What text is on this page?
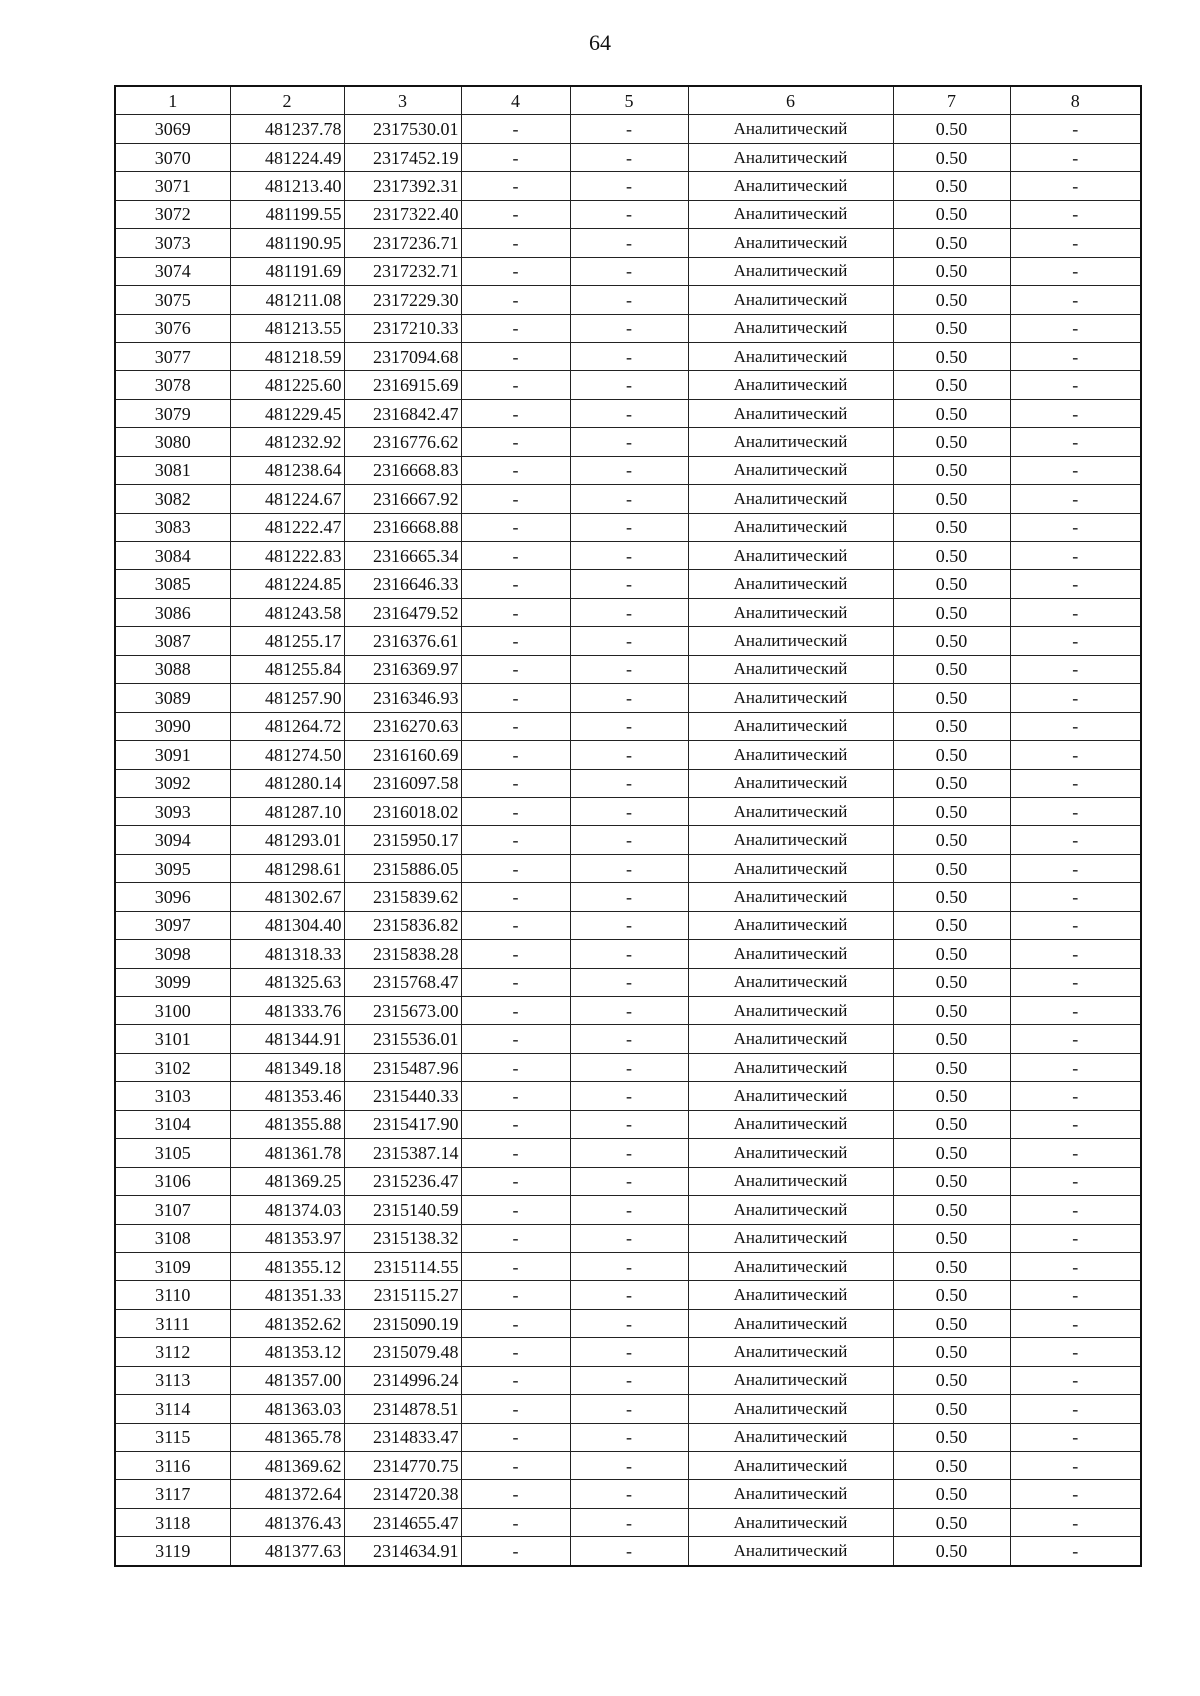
64
1	2	3	4	5	6	7	8
3069	481237.78	2317530.01	-	-	Аналитический	0.50	-
3070	481224.49	2317452.19	-	-	Аналитический	0.50	-
3071	481213.40	2317392.31	-	-	Аналитический	0.50	-
3072	481199.55	2317322.40	-	-	Аналитический	0.50	-
3073	481190.95	2317236.71	-	-	Аналитический	0.50	-
3074	481191.69	2317232.71	-	-	Аналитический	0.50	-
3075	481211.08	2317229.30	-	-	Аналитический	0.50	-
3076	481213.55	2317210.33	-	-	Аналитический	0.50	-
3077	481218.59	2317094.68	-	-	Аналитический	0.50	-
3078	481225.60	2316915.69	-	-	Аналитический	0.50	-
3079	481229.45	2316842.47	-	-	Аналитический	0.50	-
3080	481232.92	2316776.62	-	-	Аналитический	0.50	-
3081	481238.64	2316668.83	-	-	Аналитический	0.50	-
3082	481224.67	2316667.92	-	-	Аналитический	0.50	-
3083	481222.47	2316668.88	-	-	Аналитический	0.50	-
3084	481222.83	2316665.34	-	-	Аналитический	0.50	-
3085	481224.85	2316646.33	-	-	Аналитический	0.50	-
3086	481243.58	2316479.52	-	-	Аналитический	0.50	-
3087	481255.17	2316376.61	-	-	Аналитический	0.50	-
3088	481255.84	2316369.97	-	-	Аналитический	0.50	-
3089	481257.90	2316346.93	-	-	Аналитический	0.50	-
3090	481264.72	2316270.63	-	-	Аналитический	0.50	-
3091	481274.50	2316160.69	-	-	Аналитический	0.50	-
3092	481280.14	2316097.58	-	-	Аналитический	0.50	-
3093	481287.10	2316018.02	-	-	Аналитический	0.50	-
3094	481293.01	2315950.17	-	-	Аналитический	0.50	-
3095	481298.61	2315886.05	-	-	Аналитический	0.50	-
3096	481302.67	2315839.62	-	-	Аналитический	0.50	-
3097	481304.40	2315836.82	-	-	Аналитический	0.50	-
3098	481318.33	2315838.28	-	-	Аналитический	0.50	-
3099	481325.63	2315768.47	-	-	Аналитический	0.50	-
3100	481333.76	2315673.00	-	-	Аналитический	0.50	-
3101	481344.91	2315536.01	-	-	Аналитический	0.50	-
3102	481349.18	2315487.96	-	-	Аналитический	0.50	-
3103	481353.46	2315440.33	-	-	Аналитический	0.50	-
3104	481355.88	2315417.90	-	-	Аналитический	0.50	-
3105	481361.78	2315387.14	-	-	Аналитический	0.50	-
3106	481369.25	2315236.47	-	-	Аналитический	0.50	-
3107	481374.03	2315140.59	-	-	Аналитический	0.50	-
3108	481353.97	2315138.32	-	-	Аналитический	0.50	-
3109	481355.12	2315114.55	-	-	Аналитический	0.50	-
3110	481351.33	2315115.27	-	-	Аналитический	0.50	-
3111	481352.62	2315090.19	-	-	Аналитический	0.50	-
3112	481353.12	2315079.48	-	-	Аналитический	0.50	-
3113	481357.00	2314996.24	-	-	Аналитический	0.50	-
3114	481363.03	2314878.51	-	-	Аналитический	0.50	-
3115	481365.78	2314833.47	-	-	Аналитический	0.50	-
3116	481369.62	2314770.75	-	-	Аналитический	0.50	-
3117	481372.64	2314720.38	-	-	Аналитический	0.50	-
3118	481376.43	2314655.47	-	-	Аналитический	0.50	-
3119	481377.63	2314634.91	-	-	Аналитический	0.50	-
